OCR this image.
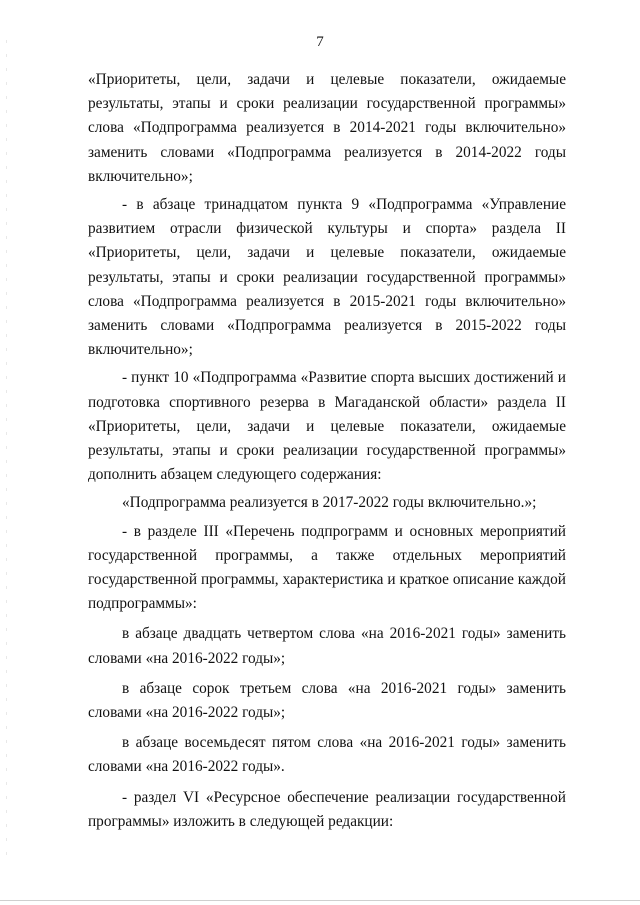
7

«Приоритеты, цели, задачи и целевые показатели, ожидаемые результаты, этапы и сроки реализации государственной программы» слова «Подпрограмма реализуется в 2014-2021 годы включительно» заменить словами «Подпрограмма реализуется в 2014-2022 годы включительно»;

- в абзаце тринадцатом пункта 9 «Подпрограмма «Управление развитием отрасли физической культуры и спорта» раздела II «Приоритеты, цели, задачи и целевые показатели, ожидаемые результаты, этапы и сроки реализации государственной программы» слова «Подпрограмма реализуется в 2015-2021 годы включительно» заменить словами «Подпрограмма реализуется в 2015-2022 годы включительно»;

- пункт 10 «Подпрограмма «Развитие спорта высших достижений и подготовка спортивного резерва в Магаданской области» раздела II «Приоритеты, цели, задачи и целевые показатели, ожидаемые результаты, этапы и сроки реализации государственной программы» дополнить абзацем следующего содержания:

«Подпрограмма реализуется в 2017-2022 годы включительно.»;

- в разделе III «Перечень подпрограмм и основных мероприятий государственной программы, а также отдельных мероприятий государственной программы, характеристика и краткое описание каждой подпрограммы»:

в абзаце двадцать четвертом слова «на 2016-2021 годы» заменить словами «на 2016-2022 годы»;

в абзаце сорок третьем слова «на 2016-2021 годы» заменить словами «на 2016-2022 годы»;

в абзаце восемьдесят пятом слова «на 2016-2021 годы» заменить словами «на 2016-2022 годы».

- раздел VI «Ресурсное обеспечение реализации государственной программы» изложить в следующей редакции:
